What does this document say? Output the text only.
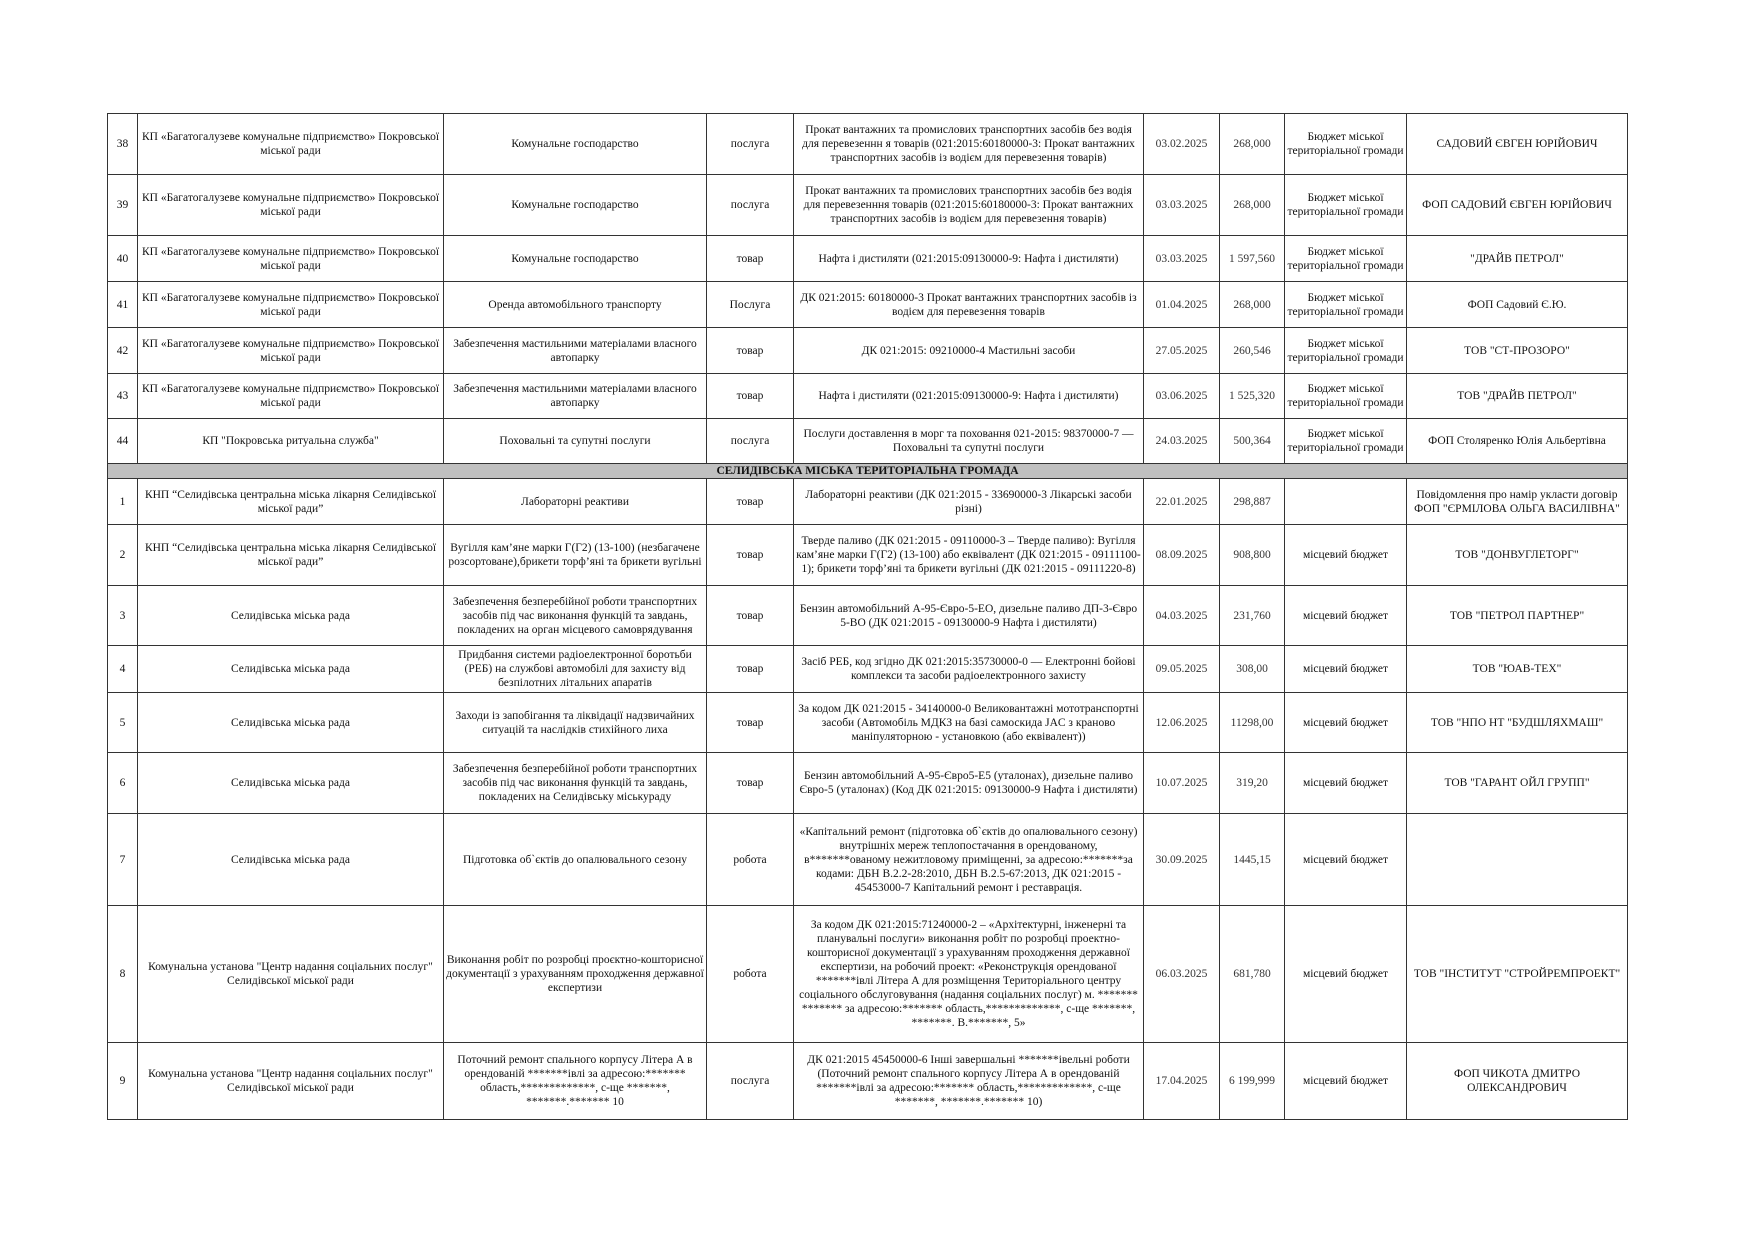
38	КП «Багатогалузеве комунальне підприємство» Покровської міської ради	Комунальне господарство	послуга	Прокат вантажних та промислових транспортних засобів без водія для перевезеннн я товарів (021:2015:60180000-3: Прокат вантажних транспортних засобів із водієм для перевезення товарів)	03.02.2025	268,000	Бюджет міської територіальної громади	САДОВИЙ ЄВГЕН ЮРІЙОВИЧ
39	КП «Багатогалузеве комунальне підприємство» Покровської міської ради	Комунальне господарство	послуга	Прокат вантажних та промислових транспортних засобів без водія для перевезенння товарів (021:2015:60180000-3: Прокат вантажних транспортних засобів із водієм для перевезення товарів)	03.03.2025	268,000	Бюджет міської територіальної громади	ФОП САДОВИЙ ЄВГЕН ЮРІЙОВИЧ
40	КП «Багатогалузеве комунальне підприємство» Покровської міської ради	Комунальне господарство	товар	Нафта і дистиляти (021:2015:09130000-9: Нафта і дистиляти)	03.03.2025	1 597,560	Бюджет міської територіальної громади	"ДРАЙВ ПЕТРОЛ"
41	КП «Багатогалузеве комунальне підприємство» Покровської міської ради	Оренда автомобільного транспорту	Послуга	ДК 021:2015: 60180000-3 Прокат вантажних транспортних засобів із водієм для перевезення товарів	01.04.2025	268,000	Бюджет міської територіальної громади	ФОП Садовий Є.Ю.
42	КП «Багатогалузеве комунальне підприємство» Покровської міської ради	Забезпечення мастильними матеріалами власного автопарку	товар	ДК 021:2015: 09210000-4 Мастильні засоби	27.05.2025	260,546	Бюджет міської територіальної громади	ТОВ "СТ-ПРОЗОРО"
43	КП «Багатогалузеве комунальне підприємство» Покровської міської ради	Забезпечення мастильними матеріалами власного автопарку	товар	Нафта і дистиляти (021:2015:09130000-9: Нафта і дистиляти)	03.06.2025	1 525,320	Бюджет міської територіальної громади	ТОВ "ДРАЙВ ПЕТРОЛ"
44	КП "Покровська ритуальна служба"	Поховальні та супутні послуги	послуга	Послуги доставлення в морг та поховання 021-2015: 98370000-7 — Поховальні та супутні послуги	24.03.2025	500,364	Бюджет міської територіальної громади	ФОП Столяренко Юлія Альбертівна
СЕЛИДІВСЬКА МІСЬКА ТЕРИТОРІАЛЬНА ГРОМАДА								
1	КНП “Селидівська центральна міська лікарня Селидівської міської ради”	Лабораторні реактиви	товар	Лабораторні реактиви (ДК 021:2015 - 33690000-3 Лікарські засоби різні)	22.01.2025	298,887		Повідомлення про намір укласти договір ФОП "ЄРМІЛОВА ОЛЬГА ВАСИЛІВНА"
2	КНП “Селидівська центральна міська лікарня Селидівської міської ради”	Вугілля кам’яне марки Г(Г2) (13-100) (незбагачене розсортоване),брикети торф’яні та брикети вугільні	товар	Тверде паливо (ДК 021:2015 - 09110000-3 – Тверде паливо): Вугілля кам’яне марки Г(Г2) (13-100) або еквівалент (ДК 021:2015 - 09111100-1); брикети торф’яні та брикети вугільні (ДК 021:2015 - 09111220-8)	08.09.2025	908,800	місцевий бюджет	ТОВ "ДОНВУГЛЕТОРГ"
3	Селидівська міська рада	Забезпечення безперебійної роботи транспортних засобів під час виконання функцій та завдань, покладених на орган місцевого самоврядування	товар	Бензин автомобільний А-95-Євро-5-ЕО, дизельне паливо ДП-3-Євро 5-ВО (ДК 021:2015 - 09130000-9 Нафта і дистиляти)	04.03.2025	231,760	місцевий бюджет	ТОВ "ПЕТРОЛ ПАРТНЕР"
4	Селидівська міська рада	Придбання системи радіоелектронної боротьби (РЕБ) на службові автомобілі для захисту від безпілотних літальних апаратів	товар	Засіб РЕБ, код згідно ДК 021:2015:35730000-0 — Електронні бойові комплекси та засоби радіоелектронного захисту	09.05.2025	308,00	місцевий бюджет	ТОВ "ЮАВ-ТЕХ"
5	Селидівська міська рада	Заходи із запобігання та ліквідації надзвичайних ситуацій та наслідків стихійного лиха	товар	За кодом ДК 021:2015 - 34140000-0 Великовантажні мототранспортні засоби (Автомобіль МДКЗ на базі самоскида JAC з краново маніпуляторною - установкою (або еквівалент))	12.06.2025	11298,00	місцевий бюджет	ТОВ "НПО НТ "БУДШЛЯХМАШ"
6	Селидівська міська рада	Забезпечення безперебійної роботи транспортних засобів під час виконання функцій та завдань, покладених на Селидівську міськураду	товар	Бензин автомобільний А-95-Євро5-Е5 (уталонах), дизельне паливо Євро-5 (уталонах) (Код ДК 021:2015: 09130000-9 Нафта і дистиляти)	10.07.2025	319,20	місцевий бюджет	ТОВ "ГАРАНТ ОЙЛ ГРУПП"
7	Селидівська міська рада	Підготовка об`єктів до опалювального сезону	робота	«Капітальний ремонт (підготовка об`єктів до опалювального сезону) внутрішніх мереж теплопостачання в орендованому, в*******ованому нежитловому приміщенні, за адресою:*******за кодами: ДБН В.2.2-28:2010, ДБН В.2.5-67:2013, ДК 021:2015 - 45453000-7 Капітальний ремонт і реставрація.	30.09.2025	1445,15	місцевий бюджет	
8	Комунальна установа "Центр надання соціальних послуг" Селидівської міської ради	Виконання робіт по розробці проєктно-кошторисної документації з урахуванням проходження державної експертизи	робота	За кодом ДК 021:2015:71240000-2 – «Архітектурні, інженерні та планувальні послуги» виконання робіт по розробці проектно-кошторисної документації з урахуванням проходження державної експертизи, на робочий проект: «Реконструкція орендованої *******івлі Літера А для розміщення Територіального центру соціального обслуговування (надання соціальних послуг) м. ******* ******* за адресою:******* область,*************, с-ще *******, *******. В.*******, 5»	06.03.2025	681,780	місцевий бюджет	ТОВ "ІНСТИТУТ "СТРОЙРЕМПРОЕКТ"
9	Комунальна установа "Центр надання соціальних послуг" Селидівської міської ради	Поточний ремонт спального корпусу Літера А в орендованій *******івлі за адресою:******* область,*************, с-ще *******, *******.******* 10	послуга	ДК 021:2015 45450000-6 Інші завершальні *******івельні роботи (Поточний ремонт спального корпусу Літера А в орендованій *******івлі за адресою:******* область,*************, с-ще *******, *******.******* 10)	17.04.2025	6 199,999	місцевий бюджет	ФОП ЧИКОТА ДМИТРО ОЛЕКСАНДРОВИЧ
